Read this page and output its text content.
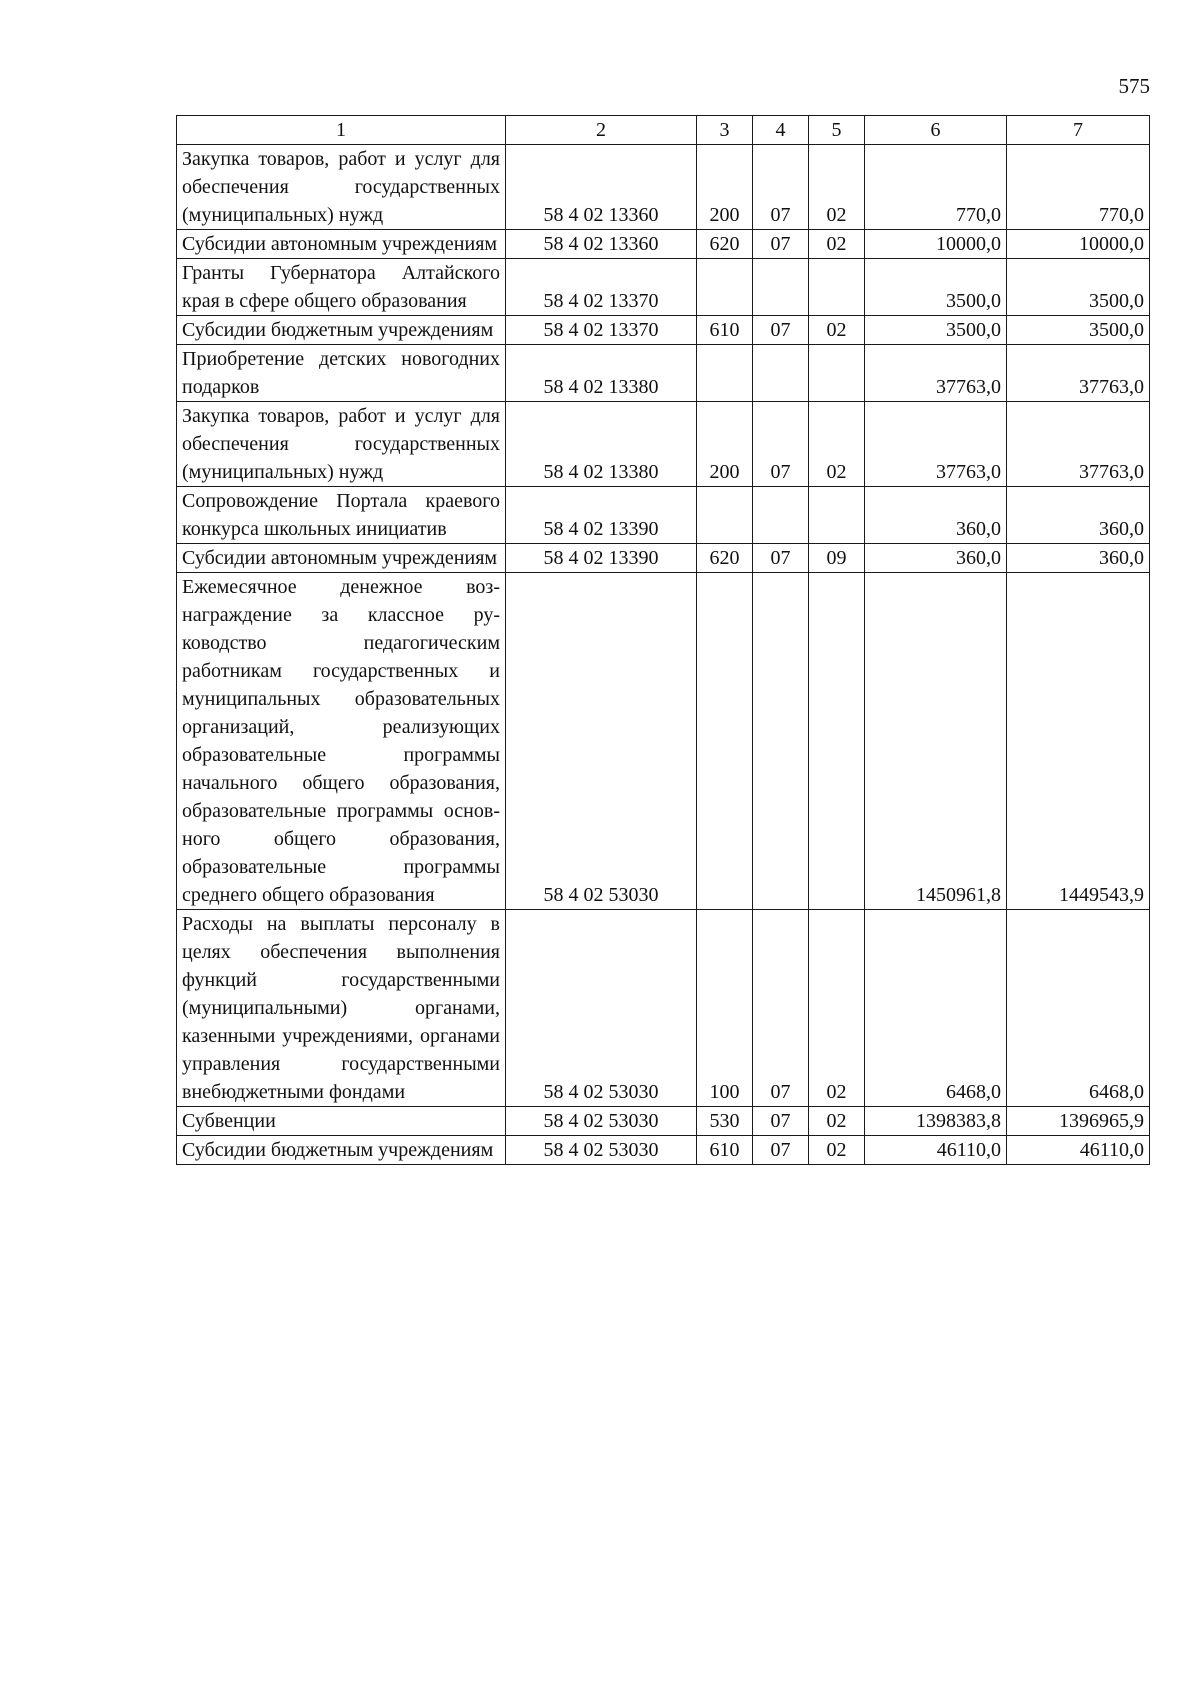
575
1	2	3	4	5	6	7
Закупка товаров, работ и услуг для обеспечения государственных (муниципальных) нужд	58 4 02 13360	200	07	02	770,0	770,0
Субсидии автономным учреждениям	58 4 02 13360	620	07	02	10000,0	10000,0
Гранты Губернатора Алтайского края в сфере общего образования	58 4 02 13370				3500,0	3500,0
Субсидии бюджетным учреждениям	58 4 02 13370	610	07	02	3500,0	3500,0
Приобретение детских новогодних подарков	58 4 02 13380				37763,0	37763,0
Закупка товаров, работ и услуг для обеспечения государственных (муниципальных) нужд	58 4 02 13380	200	07	02	37763,0	37763,0
Сопровождение Портала краевого конкурса школьных инициатив	58 4 02 13390				360,0	360,0
Субсидии автономным учреждениям	58 4 02 13390	620	07	09	360,0	360,0
Ежемесячное денежное вознаграждение за классное руководство педагогическим работникам государственных и муниципальных образовательных организаций, реализующих образовательные программы начального общего образования, образовательные программы основного общего образования, образовательные программы среднего общего образования	58 4 02 53030				1450961,8	1449543,9
Расходы на выплаты персоналу в целях обеспечения выполнения функций государственными (муниципальными) органами, казенными учреждениями, органами управления государственными внебюджетными фондами	58 4 02 53030	100	07	02	6468,0	6468,0
Субвенции	58 4 02 53030	530	07	02	1398383,8	1396965,9
Субсидии бюджетным учреждениям	58 4 02 53030	610	07	02	46110,0	46110,0
